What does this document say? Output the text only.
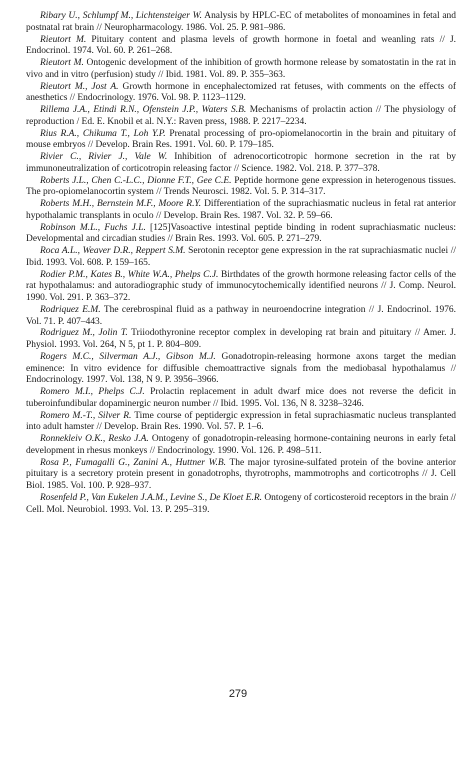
Ribary U., Schlumpf M., Lichtensteiger W. Analysis by HPLC-EC of metabolites of monoamines in fetal and postnatal rat brain // Neuropharmacology. 1986. Vol. 25. P. 981–986.

Rieutort M. Pituitary content and plasma levels of growth hormone in foetal and weanling rats // J. Endocrinol. 1974. Vol. 60. P. 261–268.

Rieutort M. Ontogenic development of the inhibition of growth hormone release by somatostatin in the rat in vivo and in vitro (perfusion) study // Ibid. 1981. Vol. 89. P. 355–363.

Rieutort M., Jost A. Growth hormone in encephalectomized rat fetuses, with comments on the effects of anesthetics // Endocrinology. 1976. Vol. 98. P. 1123–1129.

Rillema J.A., Etindi R.N., Ofenstein J.P., Waters S.B. Mechanisms of prolactin action // The physiology of reproduction / Ed. E. Knobil et al. N.Y.: Raven press, 1988. P. 2217–2234.

Rius R.A., Chikuma T., Loh Y.P. Prenatal processing of pro-opiomelanocortin in the brain and pituitary of mouse embryos // Develop. Brain Res. 1991. Vol. 60. P. 179–185.

Rivier C., Rivier J., Vale W. Inhibition of adrenocorticotropic hormone secretion in the rat by immunoneutralization of corticotropin releasing factor // Science. 1982. Vol. 218. P. 377–378.

Roberts J.L., Chen C.-L.C., Dionne F.T., Gee C.E. Peptide hormone gene expression in heterogenous tissues. The pro-opiomelanocortin system // Trends Neurosci. 1982. Vol. 5. P. 314–317.

Roberts M.H., Bernstein M.F., Moore R.Y. Differentiation of the suprachiasmatic nucleus in fetal rat anterior hypothalamic transplants in oculo // Develop. Brain Res. 1987. Vol. 32. P. 59–66.

Robinson M.L., Fuchs J.L. [125]Vasoactive intestinal peptide binding in rodent suprachiasmatic nucleus: Developmental and circadian studies // Brain Res. 1993. Vol. 605. P. 271–279.

Roca A.L., Weaver D.R., Reppert S.M. Serotonin receptor gene expression in the rat suprachiasmatic nuclei // Ibid. 1993. Vol. 608. P. 159–165.

Rodier P.M., Kates B., White W.A., Phelps C.J. Birthdates of the growth hormone releasing factor cells of the rat hypothalamus: and autoradiographic study of immunocytochemically identified neurons // J. Comp. Neurol. 1990. Vol. 291. P. 363–372.

Rodriquez E.M. The cerebrospinal fluid as a pathway in neuroendocrine integration // J. Endocrinol. 1976. Vol. 71. P. 407–443.

Rodriguez M., Jolin T. Triiodothyronine receptor complex in developing rat brain and pituitary // Amer. J. Physiol. 1993. Vol. 264, N 5, pt 1. P. 804–809.

Rogers M.C., Silverman A.J., Gibson M.J. Gonadotropin-releasing hormone axons target the median eminence: In vitro evidence for diffusible chemoattractive signals from the mediobasal hypothalamus // Endocrinology. 1997. Vol. 138, N 9. P. 3956–3966.

Romero M.I., Phelps C.J. Prolactin replacement in adult dwarf mice does not reverse the deficit in tuberoinfundibular dopaminergic neuron number // Ibid. 1995. Vol. 136, N 8. 3238–3246.

Romero M.-T., Silver R. Time course of peptidergic expression in fetal suprachiasmatic nucleus transplanted into adult hamster // Develop. Brain Res. 1990. Vol. 57. P. 1–6.

Ronnekleiv O.K., Resko J.A. Ontogeny of gonadotropin-releasing hormone-containing neurons in early fetal development in rhesus monkeys // Endocrinology. 1990. Vol. 126. P. 498–511.

Rosa P., Fumagalli G., Zanini A., Huttner W.B. The major tyrosine-sulfated protein of the bovine anterior pituitary is a secretory protein present in gonadotrophs, thyrotrophs, mammotrophs and corticotrophs // J. Cell Biol. 1985. Vol. 100. P. 928–937.

Rosenfeld P., Van Eukelen J.A.M., Levine S., De Kloet E.R. Ontogeny of corticosteroid receptors in the brain // Cell. Mol. Neurobiol. 1993. Vol. 13. P. 295–319.

279
